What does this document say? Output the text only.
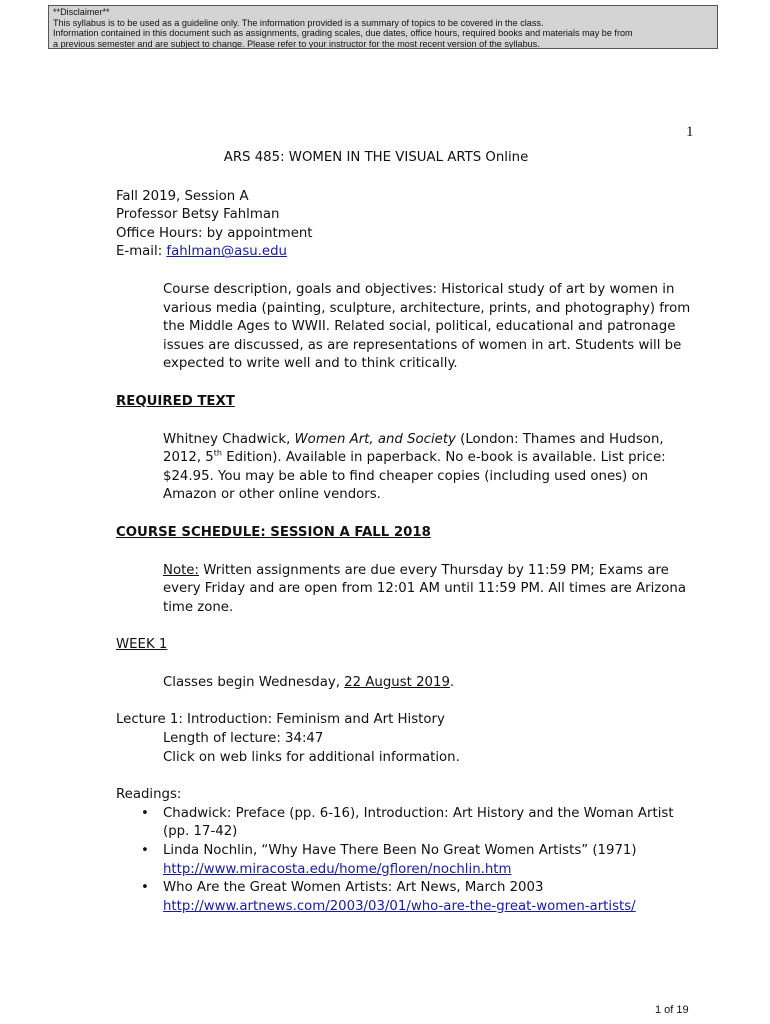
**Disclaimer**
This syllabus is to be used as a guideline only. The information provided is a summary of topics to be covered in the class.
Information contained in this document such as assignments, grading scales, due dates, office hours, required books and materials may be from
a previous semester and are subject to change. Please refer to your instructor for the most recent version of the syllabus.
1
ARS 485: WOMEN IN THE VISUAL ARTS Online
Fall 2019, Session A
Professor Betsy Fahlman
Office Hours: by appointment
E-mail: fahlman@asu.edu
Course description, goals and objectives: Historical study of art by women in various media (painting, sculpture, architecture, prints, and photography) from the Middle Ages to WWII. Related social, political, educational and patronage issues are discussed, as are representations of women in art. Students will be expected to write well and to think critically.
REQUIRED TEXT
Whitney Chadwick, Women Art, and Society (London: Thames and Hudson, 2012, 5th Edition). Available in paperback. No e-book is available. List price: $24.95. You may be able to find cheaper copies (including used ones) on Amazon or other online vendors.
COURSE SCHEDULE: SESSION A FALL 2018
Note: Written assignments are due every Thursday by 11:59 PM; Exams are every Friday and are open from 12:01 AM until 11:59 PM. All times are Arizona time zone.
WEEK 1
Classes begin Wednesday, 22 August 2019.
Lecture 1: Introduction: Feminism and Art History
Length of lecture: 34:47
Click on web links for additional information.
Readings:
• Chadwick: Preface (pp. 6-16), Introduction: Art History and the Woman Artist (pp. 17-42)
• Linda Nochlin, “Why Have There Been No Great Women Artists” (1971)
http://www.miracosta.edu/home/gfloren/nochlin.htm
• Who Are the Great Women Artists: Art News, March 2003
http://www.artnews.com/2003/03/01/who-are-the-great-women-artists/
1 of 19
